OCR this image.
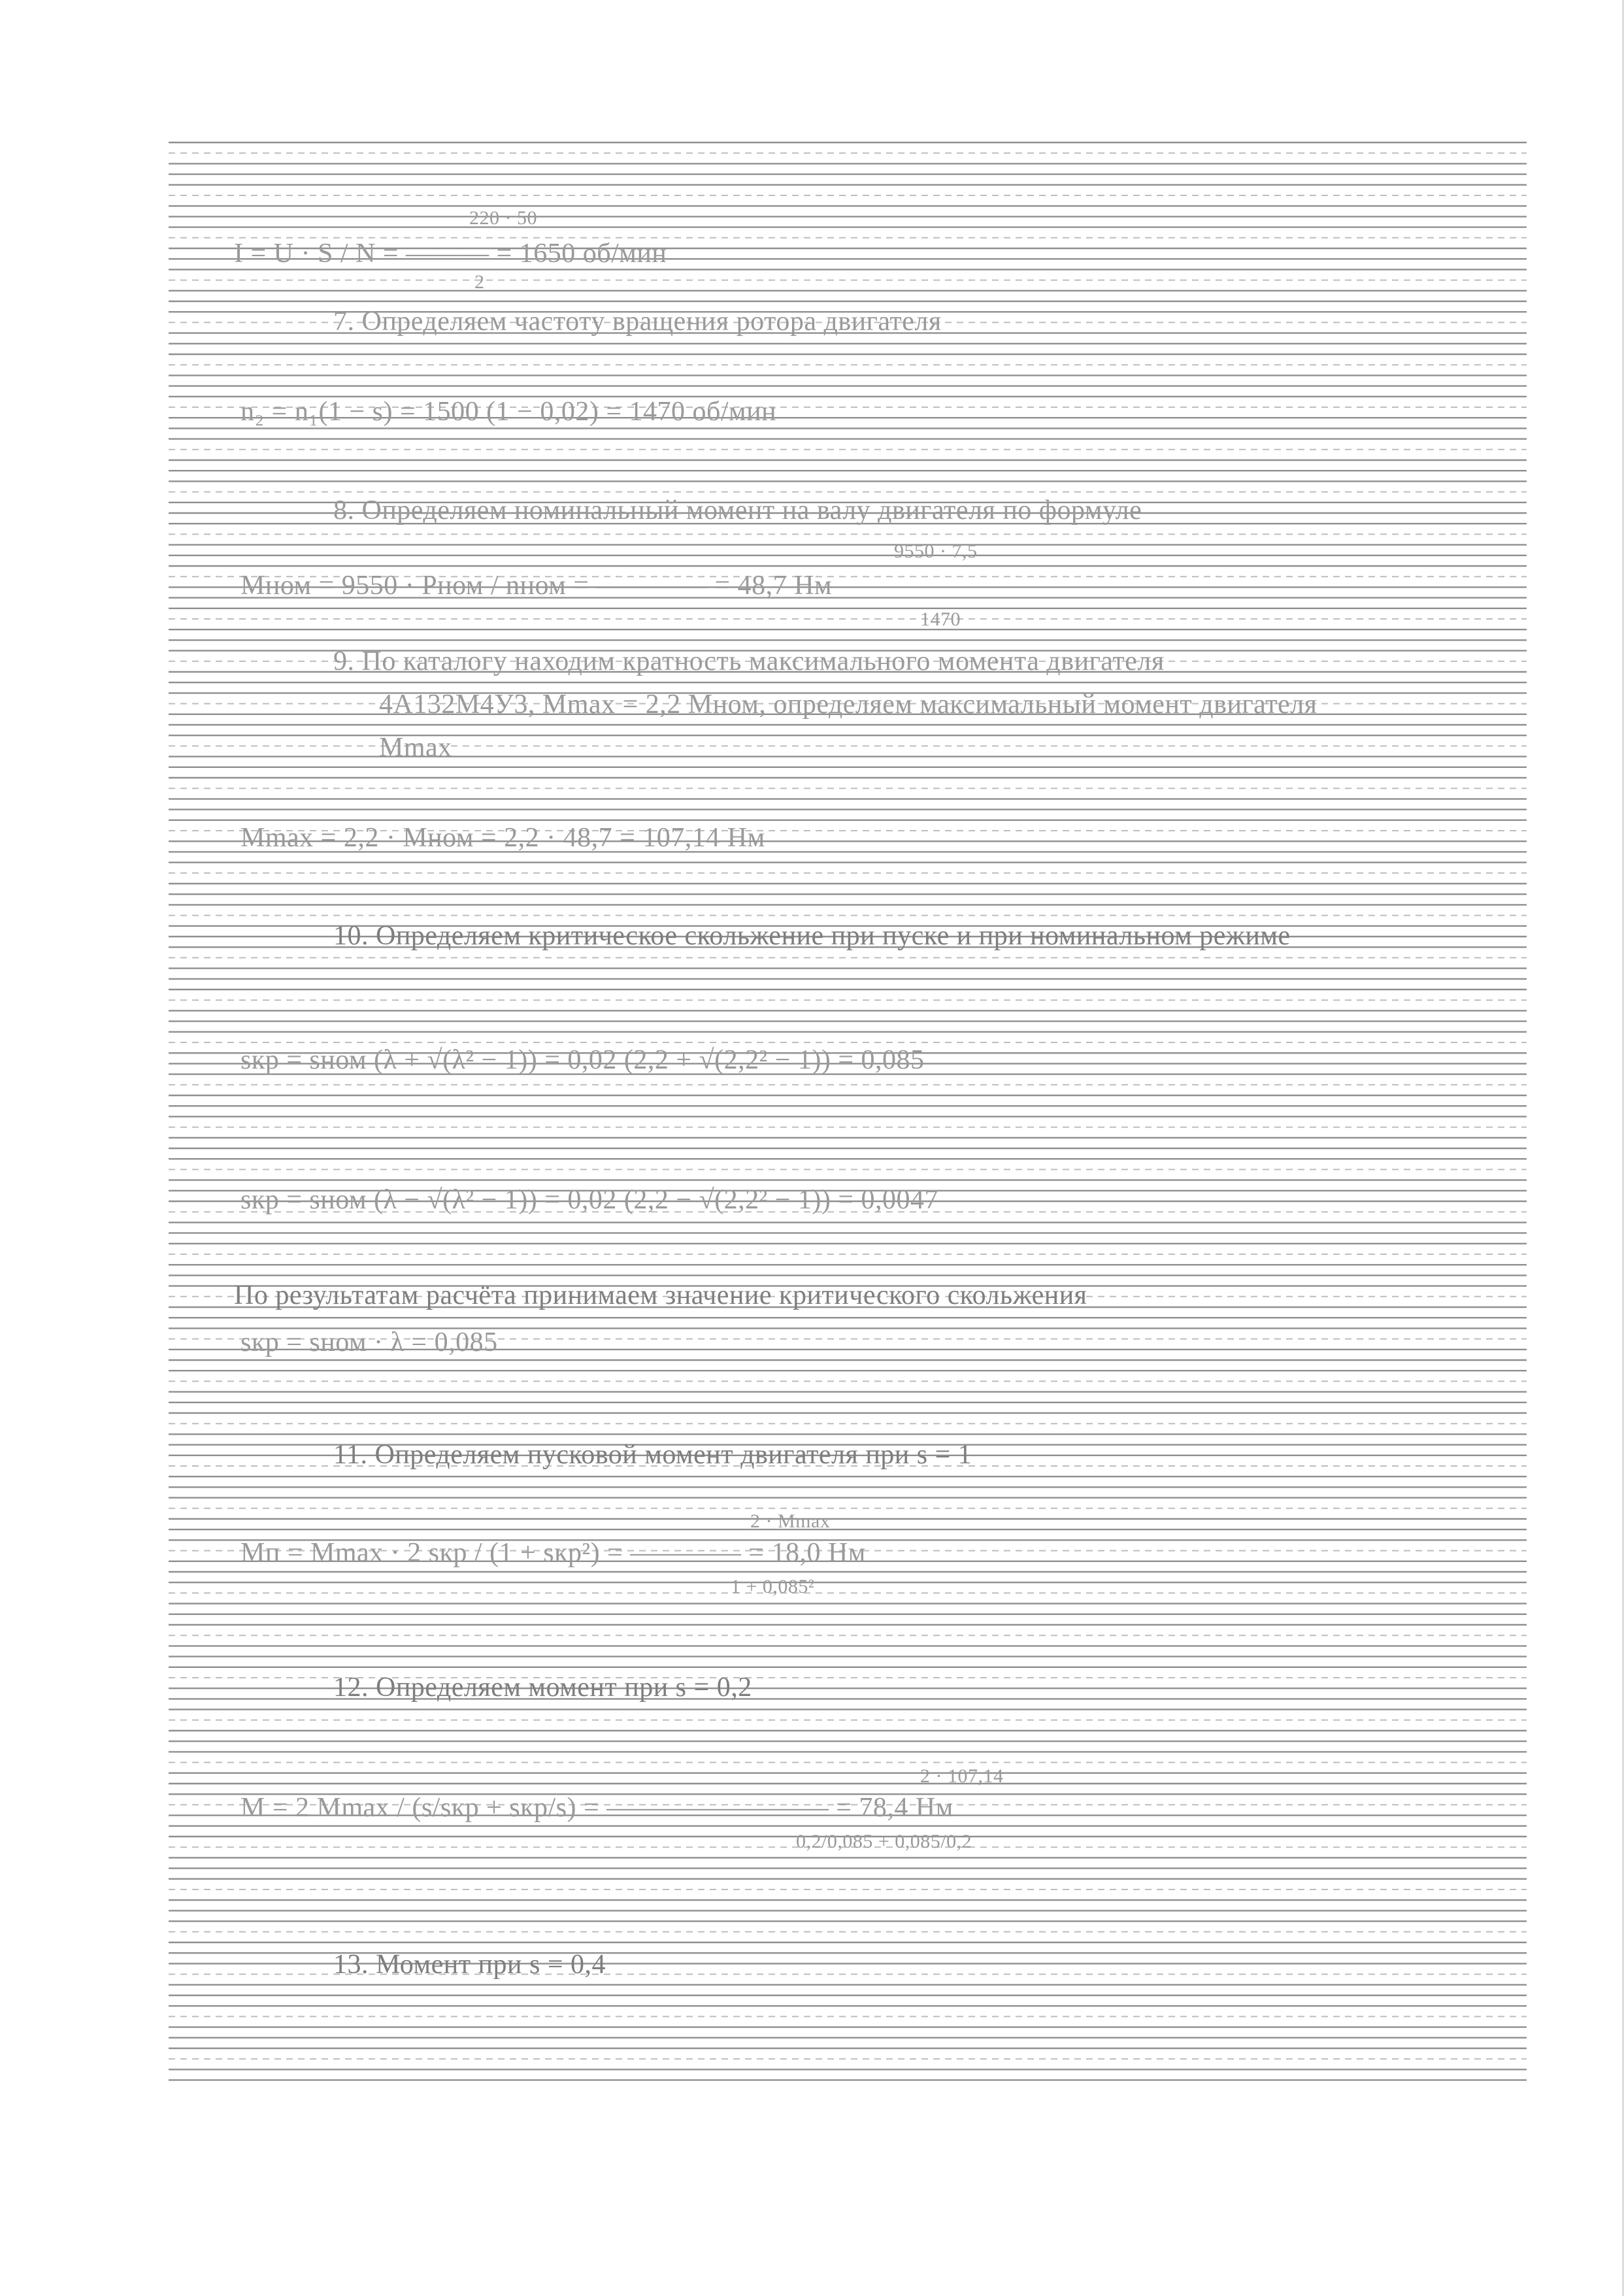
220 · 50
I = U · S / N = ——— = 1650 об/мин
2
7. Определяем частоту вращения ротора двигателя
n₂ = n₁(1 − s) = 1500 (1 − 0,02) = 1470 об/мин
8. Определяем номинальный момент на валу двигателя по формуле
9550 · 7,5
Mном = 9550 · Pном / nном = ———— = 48,7 Нм
1470
9. По каталогу находим кратность максимального момента двигателя
4А132М4У3, Mmax = 2,2 Mном, определяем максимальный момент двигателя
Mmax
Mmax = 2,2 · Mном = 2,2 · 48,7 = 107,14 Нм
10. Определяем критическое скольжение при пуске и при номинальном режиме
sкр = sном (λ + √(λ² − 1)) = 0,02 (2,2 + √(2,2² − 1)) = 0,085
sкр = sном (λ − √(λ² − 1)) = 0,02 (2,2 − √(2,2² − 1)) = 0,0047
По результатам расчёта принимаем значение критического скольжения
sкр = sном · λ = 0,085
11. Определяем пусковой момент двигателя при s = 1
2 · Mmax
Mп = Mmax · 2 sкр / (1 + sкр²) = ———— = 18,0 Нм
1 + 0,085²
12. Определяем момент при s = 0,2
2 · 107,14
M = 2 Mmax / (s/sкр + sкр/s) = ———————— = 78,4 Нм
0,2/0,085 + 0,085/0,2
13. Момент при s = 0,4
